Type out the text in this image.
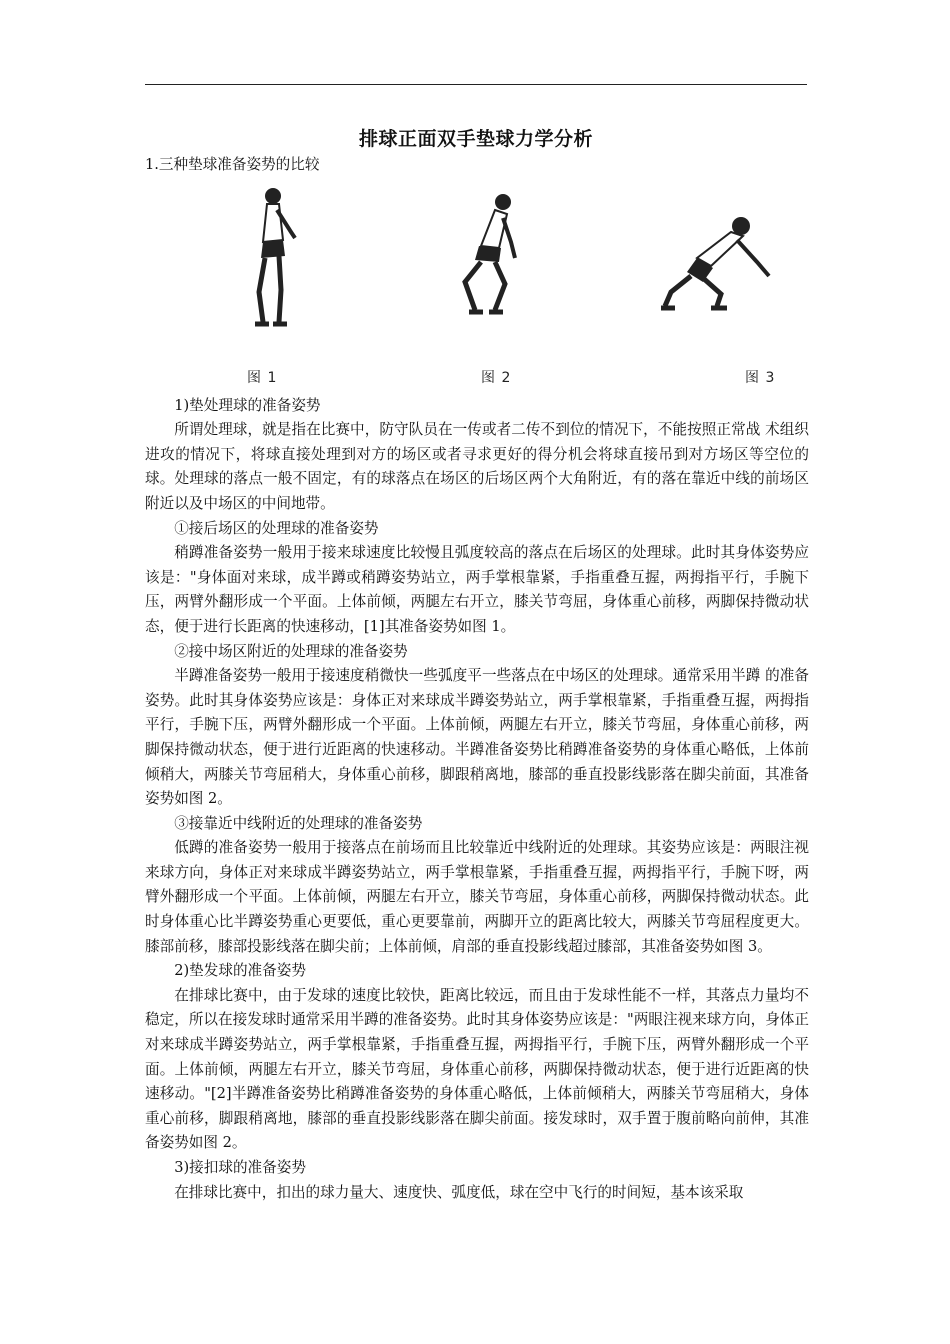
排球正面双手垫球力学分析

1.三种垫球准备姿势的比较

图 1	图 2	图 3

1)垫处理球的准备姿势

所谓处理球，就是指在比赛中，防守队员在一传或者二传不到位的情况下，不能按照正常战 术组织进攻的情况下，将球直接处理到对方的场区或者寻求更好的得分机会将球直接吊到对方场区等空位的球。处理球的落点一般不固定，有的球落点在场区的后场区两个大角附近，有的落在靠近中线的前场区附近以及中场区的中间地带。

①接后场区的处理球的准备姿势

稍蹲准备姿势一般用于接来球速度比较慢且弧度较高的落点在后场区的处理球。此时其身体姿势应该是："身体面对来球，成半蹲或稍蹲姿势站立，两手掌根靠紧，手指重叠互握，两拇指平行，手腕下压，两臂外翻形成一个平面。上体前倾，两腿左右开立，膝关节弯屈，身体重心前移，两脚保持微动状态，便于进行长距离的快速移动，[1]其准备姿势如图 1。

②接中场区附近的处理球的准备姿势

半蹲准备姿势一般用于接速度稍微快一些弧度平一些落点在中场区的处理球。通常采用半蹲 的准备姿势。此时其身体姿势应该是：身体正对来球成半蹲姿势站立，两手掌根靠紧，手指重叠互握，两拇指平行，手腕下压，两臂外翻形成一个平面。上体前倾，两腿左右开立，膝关节弯屈，身体重心前移，两脚保持微动状态，便于进行近距离的快速移动。半蹲准备姿势比稍蹲准备姿势的身体重心略低，上体前倾稍大，两膝关节弯屈稍大，身体重心前移，脚跟稍离地，膝部的垂直投影线影落在脚尖前面，其准备姿势如图 2。

③接靠近中线附近的处理球的准备姿势

低蹲的准备姿势一般用于接落点在前场而且比较靠近中线附近的处理球。其姿势应该是：两眼注视来球方向，身体正对来球成半蹲姿势站立，两手掌根靠紧，手指重叠互握，两拇指平行，手腕下呀，两臂外翻形成一个平面。上体前倾，两腿左右开立，膝关节弯屈，身体重心前移，两脚保持微动状态。此时身体重心比半蹲姿势重心更要低，重心更要靠前，两脚开立的距离比较大，两膝关节弯屈程度更大。膝部前移，膝部投影线落在脚尖前；上体前倾，肩部的垂直投影线超过膝部，其准备姿势如图 3。

2)垫发球的准备姿势

在排球比赛中，由于发球的速度比较快，距离比较远，而且由于发球性能不一样，其落点力量均不稳定，所以在接发球时通常采用半蹲的准备姿势。此时其身体姿势应该是："两眼注视来球方向，身体正对来球成半蹲姿势站立，两手掌根靠紧，手指重叠互握，两拇指平行，手腕下压，两臂外翻形成一个平面。上体前倾，两腿左右开立，膝关节弯屈，身体重心前移，两脚保持微动状态，便于进行近距离的快速移动。"[2]半蹲准备姿势比稍蹲准备姿势的身体重心略低，上体前倾稍大，两膝关节弯屈稍大，身体重心前移，脚跟稍离地，膝部的垂直投影线影落在脚尖前面。接发球时，双手置于腹前略向前伸，其准备姿势如图 2。

3)接扣球的准备姿势

在排球比赛中，扣出的球力量大、速度快、弧度低，球在空中飞行的时间短，基本该采取
